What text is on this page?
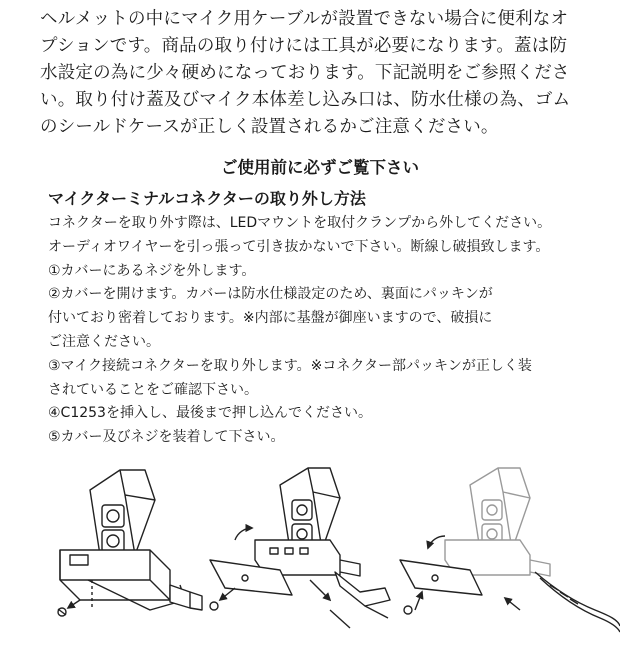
ヘルメットの中にマイク用ケーブルが設置できない場合に便利なオ

プションです。商品の取り付けには工具が必要になります。蓋は防

水設定の為に少々硬めになっております。下記説明をご参照くださ

い。取り付け蓋及びマイク本体差し込み口は、防水仕様の為、ゴム

のシールドケースが正しく設置されるかご注意ください。

ご使用前に必ずご覧下さい
マイクターミナルコネクターの取り外し方法

コネクターを取り外す際は、LEDマウントを取付クランプから外してください。

オーディオワイヤーを引っ張って引き抜かないで下さい。断線し破損致します。

①カバーにあるネジを外します。

②カバーを開けます。カバーは防水仕様設定のため、裏面にパッキンが

付いており密着しております。※内部に基盤が御座いますので、破損に

ご注意ください。

③マイク接続コネクターを取り外します。※コネクター部パッキンが正しく装

されていることをご確認下さい。

④C1253を挿入し、最後まで押し込んでください。

⑤カバー及びネジを装着して下さい。
